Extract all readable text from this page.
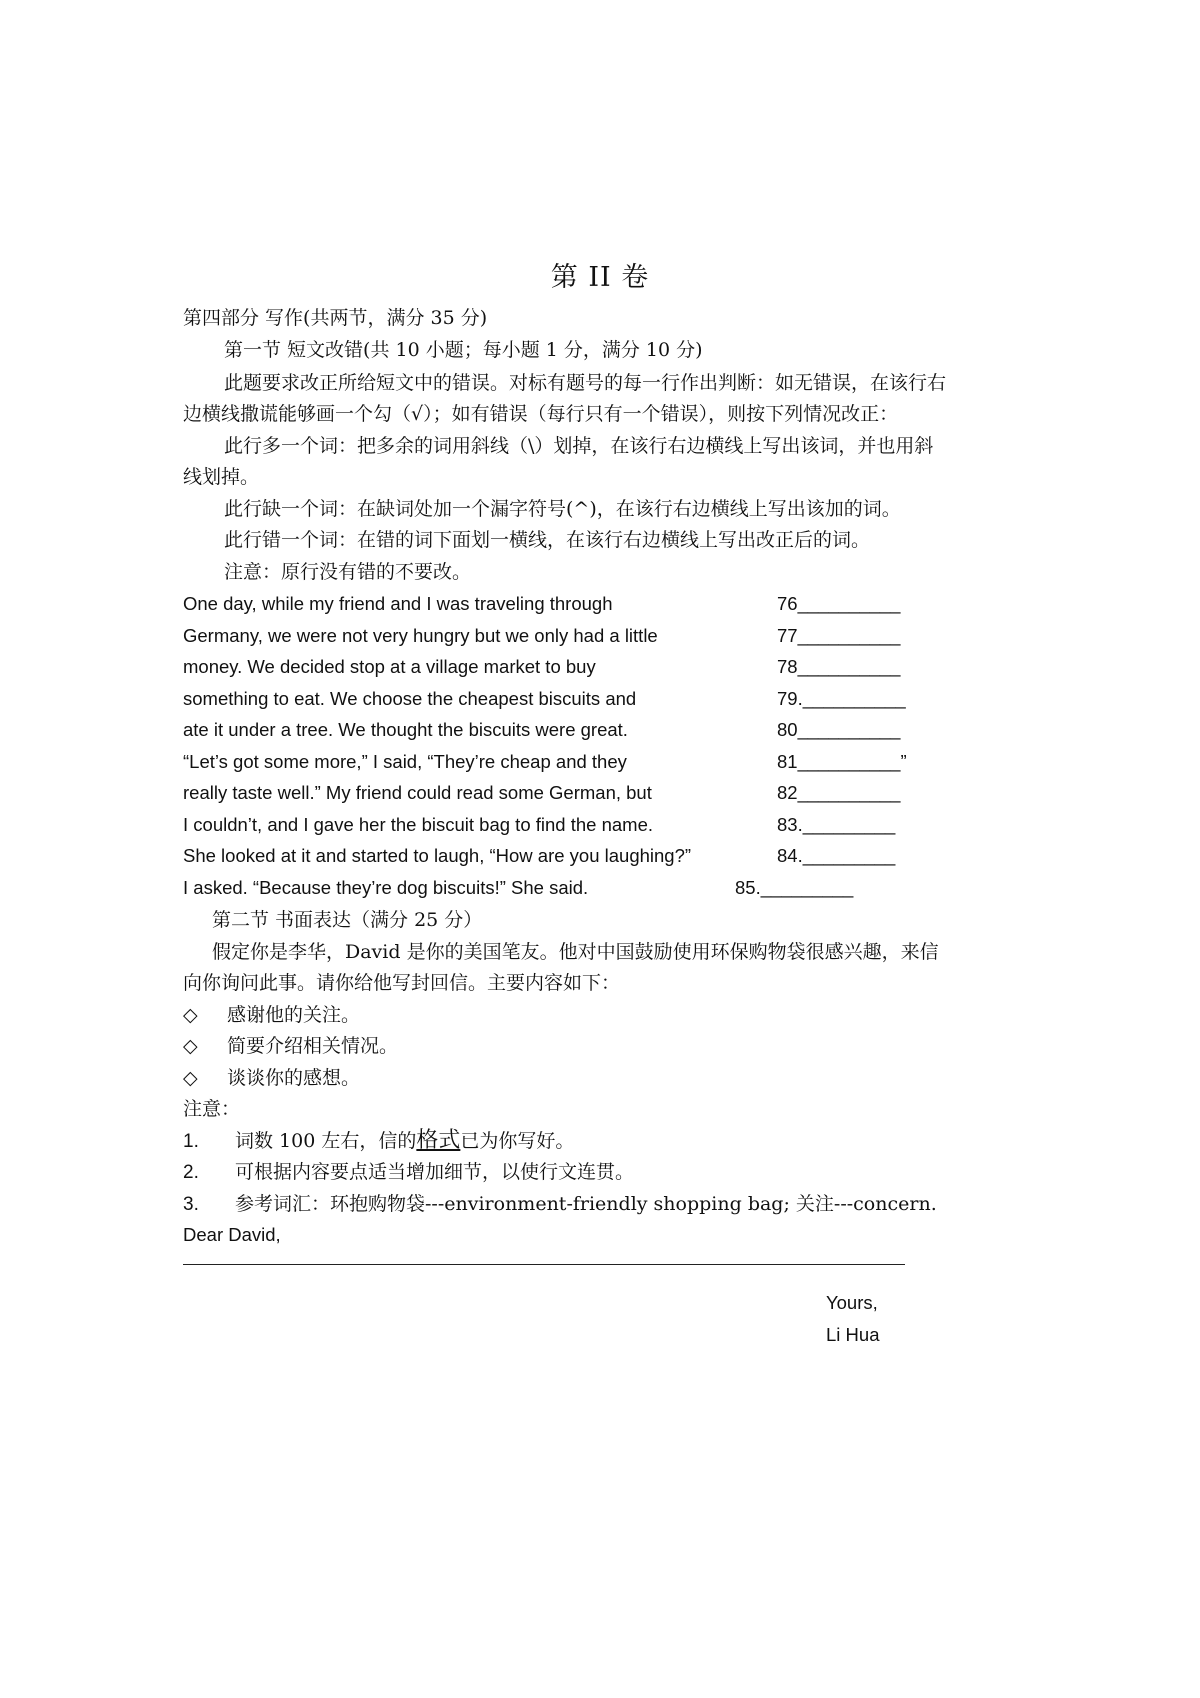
第 II 卷
第四部分 写作(共两节，满分 35 分)
第一节 短文改错(共 10 小题；每小题 1 分，满分 10 分)
此题要求改正所给短文中的错误。对标有题号的每一行作出判断：如无错误，在该行右
边横线撒谎能够画一个勾（√）；如有错误（每行只有一个错误），则按下列情况改正：
此行多一个词：把多余的词用斜线（\）划掉，在该行右边横线上写出该词，并也用斜
线划掉。
此行缺一个词：在缺词处加一个漏字符号(^)，在该行右边横线上写出该加的词。
此行错一个词：在错的词下面划一横线，在该行右边横线上写出改正后的词。
注意：原行没有错的不要改。
One day, while my friend and I was traveling through	76__________
Germany, we were not very hungry but we only had a little	77__________
money. We decided stop at a village market to buy	78__________
something to eat. We choose the cheapest biscuits and	79.__________
ate it under a tree. We thought the biscuits were great.	80__________
“Let’s got some more,” I said, “They’re cheap and they	81__________”
really taste well.” My friend could read some German, but	82__________
I couldn’t, and I gave her the biscuit bag to find the name.	83._________
She looked at it and started to laugh, “How are you laughing?”	84._________
I asked. “Because they’re dog biscuits!” She said.	85._________
第二节 书面表达（满分 25 分）
假定你是李华，David 是你的美国笔友。他对中国鼓励使用环保购物袋很感兴趣，来信
向你询问此事。请你给他写封回信。主要内容如下：
◇ 感谢他的关注。
◇ 简要介绍相关情况。
◇ 谈谈你的感想。
注意：
1. 词数 100 左右，信的格式已为你写好。
2. 可根据内容要点适当增加细节，以使行文连贯。
3. 参考词汇：环抱购物袋---environment-friendly shopping bag; 关注---concern.
Dear David,
Yours,
Li Hua
